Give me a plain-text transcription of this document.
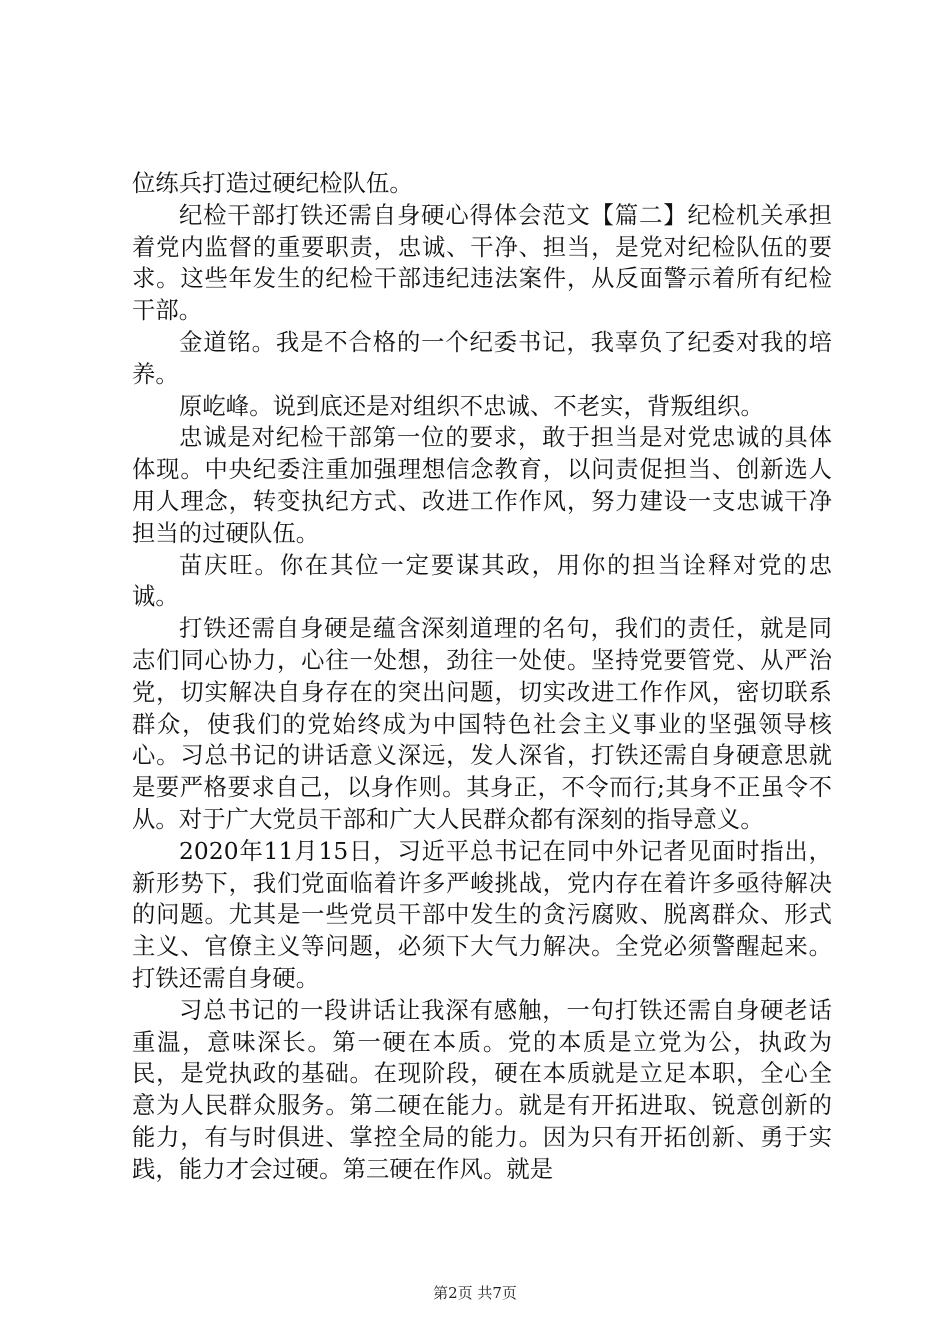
位练兵打造过硬纪检队伍。

纪检干部打铁还需自身硬心得体会范文【篇二】纪检机关承担着党内监督的重要职责，忠诚、干净、担当，是党对纪检队伍的要求。这些年发生的纪检干部违纪违法案件，从反面警示着所有纪检干部。

金道铭。我是不合格的一个纪委书记，我辜负了纪委对我的培养。

原屹峰。说到底还是对组织不忠诚、不老实，背叛组织。

忠诚是对纪检干部第一位的要求，敢于担当是对党忠诚的具体体现。中央纪委注重加强理想信念教育，以问责促担当、创新选人用人理念，转变执纪方式、改进工作作风，努力建设一支忠诚干净担当的过硬队伍。

苗庆旺。你在其位一定要谋其政，用你的担当诠释对党的忠诚。

打铁还需自身硬是蕴含深刻道理的名句，我们的责任，就是同志们同心协力，心往一处想，劲往一处使。坚持党要管党、从严治党，切实解决自身存在的突出问题，切实改进工作作风，密切联系群众，使我们的党始终成为中国特色社会主义事业的坚强领导核心。习总书记的讲话意义深远，发人深省，打铁还需自身硬意思就是要严格要求自己，以身作则。其身正，不令而行;其身不正虽令不从。对于广大党员干部和广大人民群众都有深刻的指导意义。

2020年11月15日，习近平总书记在同中外记者见面时指出，新形势下，我们党面临着许多严峻挑战，党内存在着许多亟待解决的问题。尤其是一些党员干部中发生的贪污腐败、脱离群众、形式主义、官僚主义等问题，必须下大气力解决。全党必须警醒起来。打铁还需自身硬。

习总书记的一段讲话让我深有感触，一句打铁还需自身硬老话重温，意味深长。第一硬在本质。党的本质是立党为公，执政为民，是党执政的基础。在现阶段，硬在本质就是立足本职，全心全意为人民群众服务。第二硬在能力。就是有开拓进取、锐意创新的能力，有与时俱进、掌控全局的能力。因为只有开拓创新、勇于实践，能力才会过硬。第三硬在作风。就是

第2页 共7页
